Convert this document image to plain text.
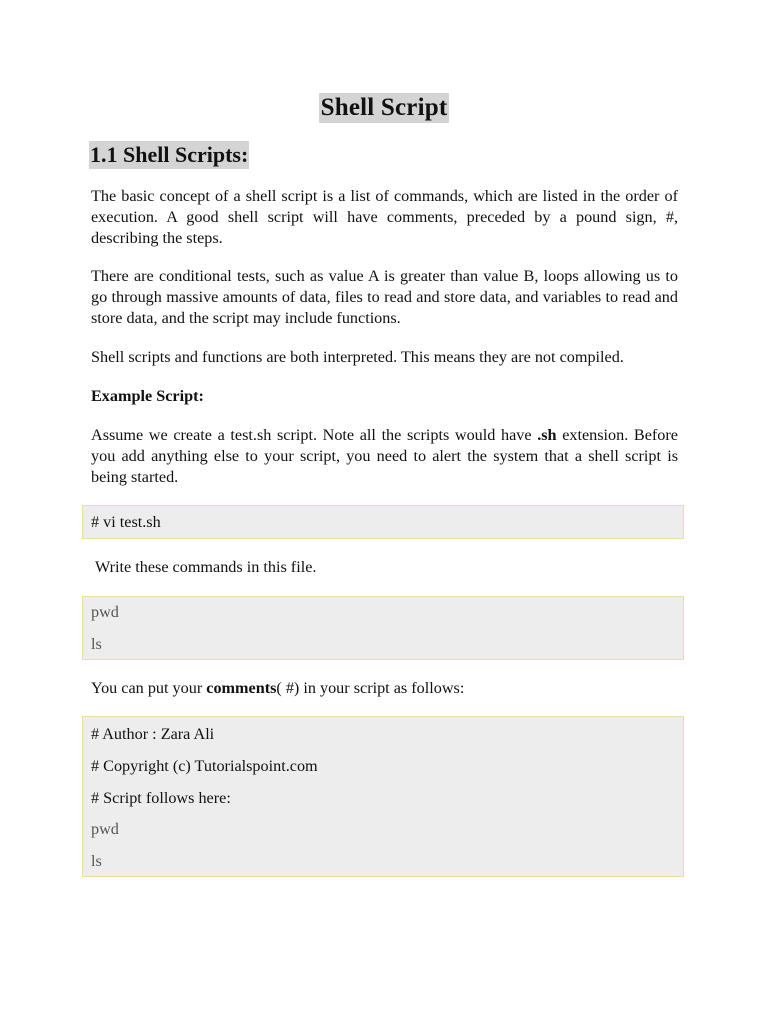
Shell Script
1.1 Shell Scripts:

The basic concept of a shell script is a list of commands, which are listed in the order of execution. A good shell script will have comments, preceded by a pound sign, #, describing the steps.

There are conditional tests, such as value A is greater than value B, loops allowing us to go through massive amounts of data, files to read and store data, and variables to read and store data, and the script may include functions.

Shell scripts and functions are both interpreted. This means they are not compiled.

Example Script:

Assume we create a test.sh script. Note all the scripts would have .sh extension. Before you add anything else to your script, you need to alert the system that a shell script is being started.

# vi test.sh

Write these commands in this file.

pwd
ls

You can put your comments( #) in your script as follows:

# Author : Zara Ali
# Copyright (c) Tutorialspoint.com
# Script follows here:
pwd
ls
